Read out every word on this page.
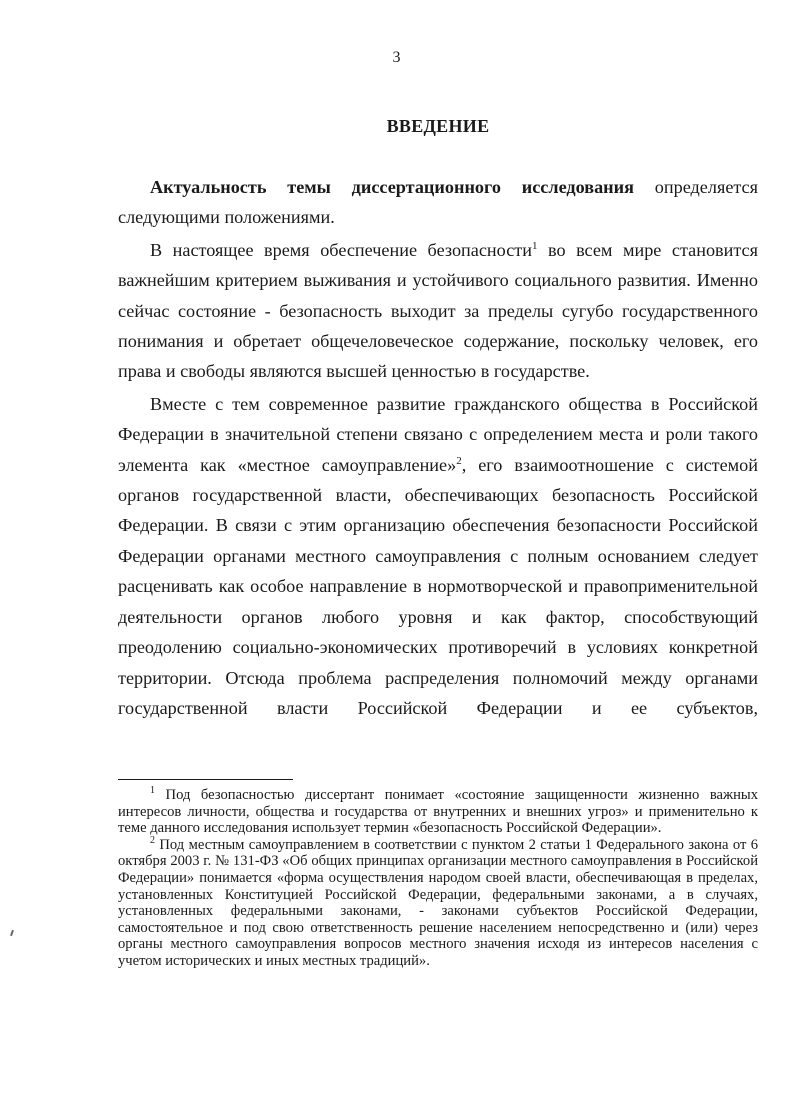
3
ВВЕДЕНИЕ

Актуальность темы диссертационного исследования определяется следующими положениями.

В настоящее время обеспечение безопасности$^1$ во всем мире становится важнейшим критерием выживания и устойчивого социального развития. Именно сейчас состояние - безопасность выходит за пределы сугубо государственного понимания и обретает общечеловеческое содержание, поскольку человек, его права и свободы являются высшей ценностью в государстве.

Вместе с тем современное развитие гражданского общества в Российской Федерации в значительной степени связано с определением места и роли такого элемента как «местное самоуправление»$^2$, его взаимоотношение с системой органов государственной власти, обеспечивающих безопасность Российской Федерации. В связи с этим организацию обеспечения безопасности Российской Федерации органами местного самоуправления с полным основанием следует расценивать как особое направление в нормотворческой и правоприменительной деятельности органов любого уровня и как фактор, способствующий преодолению социально-экономических противоречий в условиях конкретной территории. Отсюда проблема распределения полномочий между органами государственной власти Российской Федерации и ее субъектов,

$^1$ Под безопасностью диссертант понимает «состояние защищенности жизненно важных интересов личности, общества и государства от внутренних и внешних угроз» и применительно к теме данного исследования использует термин «безопасность Российской Федерации».

$^2$ Под местным самоуправлением в соответствии с пунктом 2 статьи 1 Федерального закона от 6 октября 2003 г. № 131-ФЗ «Об общих принципах организации местного самоуправления в Российской Федерации» понимается «форма осуществления народом своей власти, обеспечивающая в пределах, установленных Конституцией Российской Федерации, федеральными законами, а в случаях, установленных федеральными законами, - законами субъектов Российской Федерации, самостоятельное и под свою ответственность решение населением непосредственно и (или) через органы местного самоуправления вопросов местного значения исходя из интересов населения с учетом исторических и иных местных традиций».
